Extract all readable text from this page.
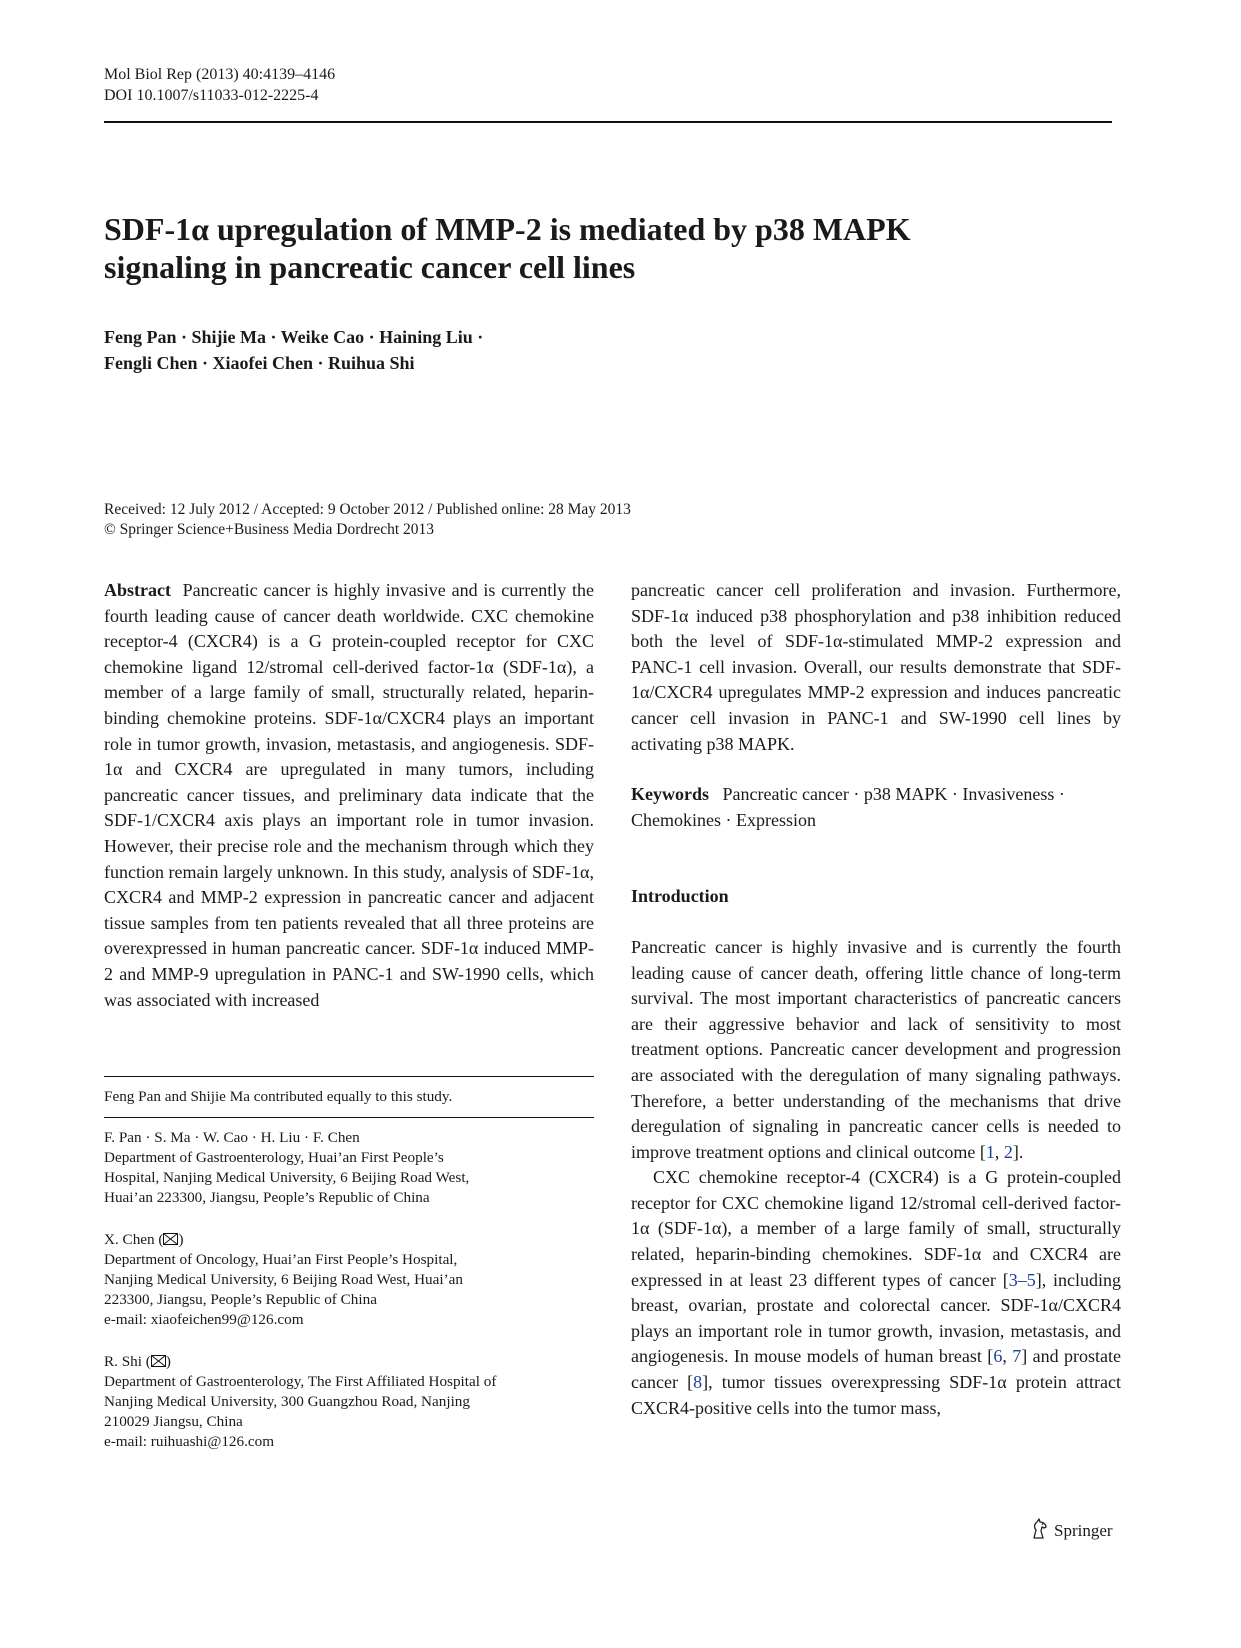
Mol Biol Rep (2013) 40:4139–4146
DOI 10.1007/s11033-012-2225-4
SDF-1α upregulation of MMP-2 is mediated by p38 MAPK
signaling in pancreatic cancer cell lines
Feng Pan · Shijie Ma · Weike Cao · Haining Liu ·
Fengli Chen · Xiaofei Chen · Ruihua Shi
Received: 12 July 2012 / Accepted: 9 October 2012 / Published online: 28 May 2013
© Springer Science+Business Media Dordrecht 2013

Abstract Pancreatic cancer is highly invasive and is currently the fourth leading cause of cancer death worldwide. CXC chemokine receptor-4 (CXCR4) is a G protein-coupled receptor for CXC chemokine ligand 12/stromal cell-derived factor-1α (SDF-1α), a member of a large family of small, structurally related, heparin-binding chemokine proteins. SDF-1α/CXCR4 plays an important role in tumor growth, invasion, metastasis, and angiogenesis. SDF-1α and CXCR4 are upregulated in many tumors, including pancreatic cancer tissues, and preliminary data indicate that the SDF-1/CXCR4 axis plays an important role in tumor invasion. However, their precise role and the mechanism through which they function remain largely unknown. In this study, analysis of SDF-1α, CXCR4 and MMP-2 expression in pancreatic cancer and adjacent tissue samples from ten patients revealed that all three proteins are overexpressed in human pancreatic cancer. SDF-1α induced MMP-2 and MMP-9 upregulation in PANC-1 and SW-1990 cells, which was associated with increased

Feng Pan and Shijie Ma contributed equally to this study.
F. Pan · S. Ma · W. Cao · H. Liu · F. Chen
Department of Gastroenterology, Huai’an First People’s
Hospital, Nanjing Medical University, 6 Beijing Road West,
Huai’an 223300, Jiangsu, People’s Republic of China
X. Chen ( )
Department of Oncology, Huai’an First People’s Hospital,
Nanjing Medical University, 6 Beijing Road West, Huai’an
223300, Jiangsu, People’s Republic of China
e-mail: xiaofeichen99@126.com
R. Shi ( )
Department of Gastroenterology, The First Affiliated Hospital of
Nanjing Medical University, 300 Guangzhou Road, Nanjing
210029 Jiangsu, China
e-mail: ruihuashi@126.com

pancreatic cancer cell proliferation and invasion. Furthermore, SDF-1α induced p38 phosphorylation and p38 inhibition reduced both the level of SDF-1α-stimulated MMP-2 expression and PANC-1 cell invasion. Overall, our results demonstrate that SDF-1α/CXCR4 upregulates MMP-2 expression and induces pancreatic cancer cell invasion in PANC-1 and SW-1990 cell lines by activating p38 MAPK.

Keywords Pancreatic cancer · p38 MAPK · Invasiveness · Chemokines · Expression

Introduction

Pancreatic cancer is highly invasive and is currently the fourth leading cause of cancer death, offering little chance of long-term survival. The most important characteristics of pancreatic cancers are their aggressive behavior and lack of sensitivity to most treatment options. Pancreatic cancer development and progression are associated with the deregulation of many signaling pathways. Therefore, a better understanding of the mechanisms that drive deregulation of signaling in pancreatic cancer cells is needed to improve treatment options and clinical outcome [1, 2].

CXC chemokine receptor-4 (CXCR4) is a G protein-coupled receptor for CXC chemokine ligand 12/stromal cell-derived factor-1α (SDF-1α), a member of a large family of small, structurally related, heparin-binding chemokines. SDF-1α and CXCR4 are expressed in at least 23 different types of cancer [3–5], including breast, ovarian, prostate and colorectal cancer. SDF-1α/CXCR4 plays an important role in tumor growth, invasion, metastasis, and angiogenesis. In mouse models of human breast [6, 7] and prostate cancer [8], tumor tissues overexpressing SDF-1α protein attract CXCR4-positive cells into the tumor mass,

Springer
